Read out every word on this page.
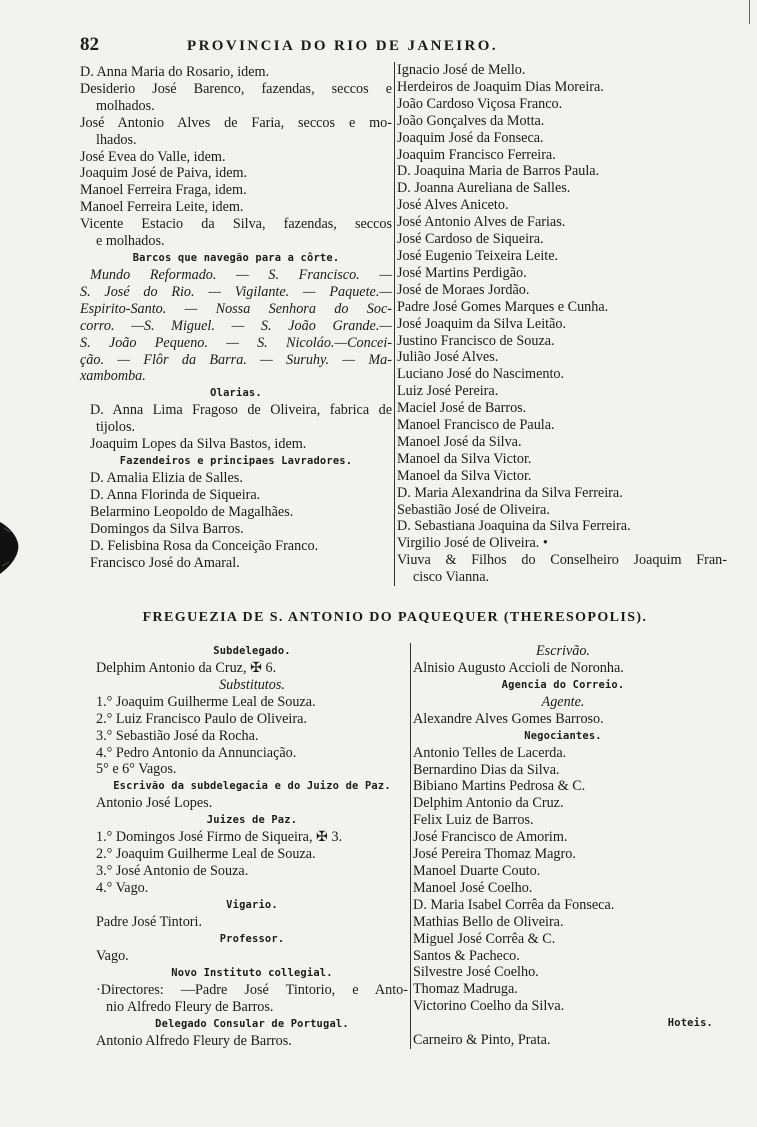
82	PROVINCIA DO RIO DE JANEIRO.
D. Anna Maria do Rosario, idem.
Desiderio José Barenco, fazendas, seccos e
molhados.
José Antonio Alves de Faria, seccos e mo-
lhados.
José Evea do Valle, idem.
Joaquim José de Paiva, idem.
Manoel Ferreira Fraga, idem.
Manoel Ferreira Leite, idem.
Vicente Estacio da Silva, fazendas, seccos
e molhados.
Barcos que navegão para a côrte.
Mundo Reformado. — S. Francisco. —
S. José do Rio. — Vigilante. — Paquete.—
Espirito-Santo. — Nossa Senhora do Soc-
corro. —S. Miguel. — S. João Grande.—
S. João Pequeno. — S. Nicoláo.—Concei-
ção. — Flôr da Barra. — Suruhy. — Ma-
xambomba.
Olarias.
D. Anna Lima Fragoso de Oliveira, fabrica de
tijolos.
Joaquim Lopes da Silva Bastos, idem.
Fazendeiros e principaes Lavradores.
D. Amalia Elizia de Salles.
D. Anna Florinda de Siqueira.
Belarmino Leopoldo de Magalhães.
Domingos da Silva Barros.
D. Felisbina Rosa da Conceição Franco.
Francisco José do Amaral.
Ignacio José de Mello.
Herdeiros de Joaquim Dias Moreira.
João Cardoso Viçosa Franco.
João Gonçalves da Motta.
Joaquim José da Fonseca.
Joaquim Francisco Ferreira.
D. Joaquina Maria de Barros Paula.
D. Joanna Aureliana de Salles.
José Alves Aniceto.
José Antonio Alves de Farias.
José Cardoso de Siqueira.
José Eugenio Teixeira Leite.
José Martins Perdigão.
José de Moraes Jordão.
Padre José Gomes Marques e Cunha.
José Joaquim da Silva Leitão.
Justino Francisco de Souza.
Julião José Alves.
Luciano José do Nascimento.
Luiz José Pereira.
Maciel José de Barros.
Manoel Francisco de Paula.
Manoel José da Silva.
Manoel da Silva Victor.
Manoel da Silva Victor.
D. Maria Alexandrina da Silva Ferreira.
Sebastião José de Oliveira.
D. Sebastiana Joaquina da Silva Ferreira.
Virgilio José de Oliveira. •
Viuva & Filhos do Conselheiro Joaquim Fran-
cisco Vianna.
FREGUEZIA DE S. ANTONIO DO PAQUEQUER (THERESOPOLIS).
Subdelegado.
Delphim Antonio da Cruz, ✠ 6.
Substitutos.
1.° Joaquim Guilherme Leal de Souza.
2.° Luiz Francisco Paulo de Oliveira.
3.° Sebastião José da Rocha.
4.° Pedro Antonio da Annunciação.
5° e 6° Vagos.
Escrivão da subdelegacia e do Juizo de Paz.
Antonio José Lopes.
Juizes de Paz.
1.° Domingos José Firmo de Siqueira, ✠ 3.
2.° Joaquim Guilherme Leal de Souza.
3.° José Antonio de Souza.
4.° Vago.
Vigario.
Padre José Tintori.
Professor.
Vago.
Novo Instituto collegial.
·Directores: —Padre José Tintorio, e Anto-
nio Alfredo Fleury de Barros.
Delegado Consular de Portugal.
Antonio Alfredo Fleury de Barros.
Escrivão.
Alnisio Augusto Accioli de Noronha.
Agencia do Correio.
Agente.
Alexandre Alves Gomes Barroso.
Negociantes.
Antonio Telles de Lacerda.
Bernardino Dias da Silva.
Bibiano Martins Pedrosa & C.
Delphim Antonio da Cruz.
Felix Luiz de Barros.
José Francisco de Amorim.
José Pereira Thomaz Magro.
Manoel Duarte Couto.
Manoel José Coelho.
D. Maria Isabel Corrêa da Fonseca.
Mathias Bello de Oliveira.
Miguel José Corrêa & C.
Santos & Pacheco.
Silvestre José Coelho.
Thomaz Madruga.
Victorino Coelho da Silva.
Hoteis.
Carneiro & Pinto, Prata.
